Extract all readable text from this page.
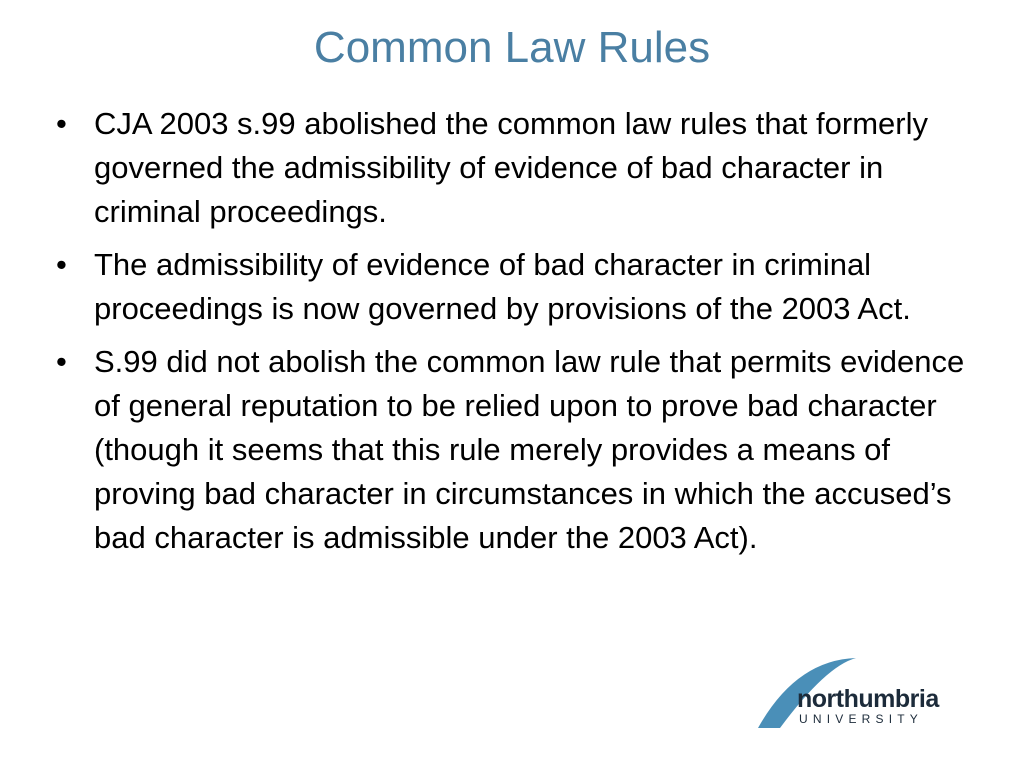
Common Law Rules
• CJA 2003 s.99 abolished the common law rules that formerly governed the admissibility of evidence of bad character in criminal proceedings.
• The admissibility of evidence of bad character in criminal proceedings is now governed by provisions of the 2003 Act.
• S.99 did not abolish the common law rule that permits evidence of general reputation to be relied upon to prove bad character (though it seems that this rule merely provides a means of proving bad character in circumstances in which the accused’s bad character is admissible under the 2003 Act).
northumbria
UNIVERSITY
